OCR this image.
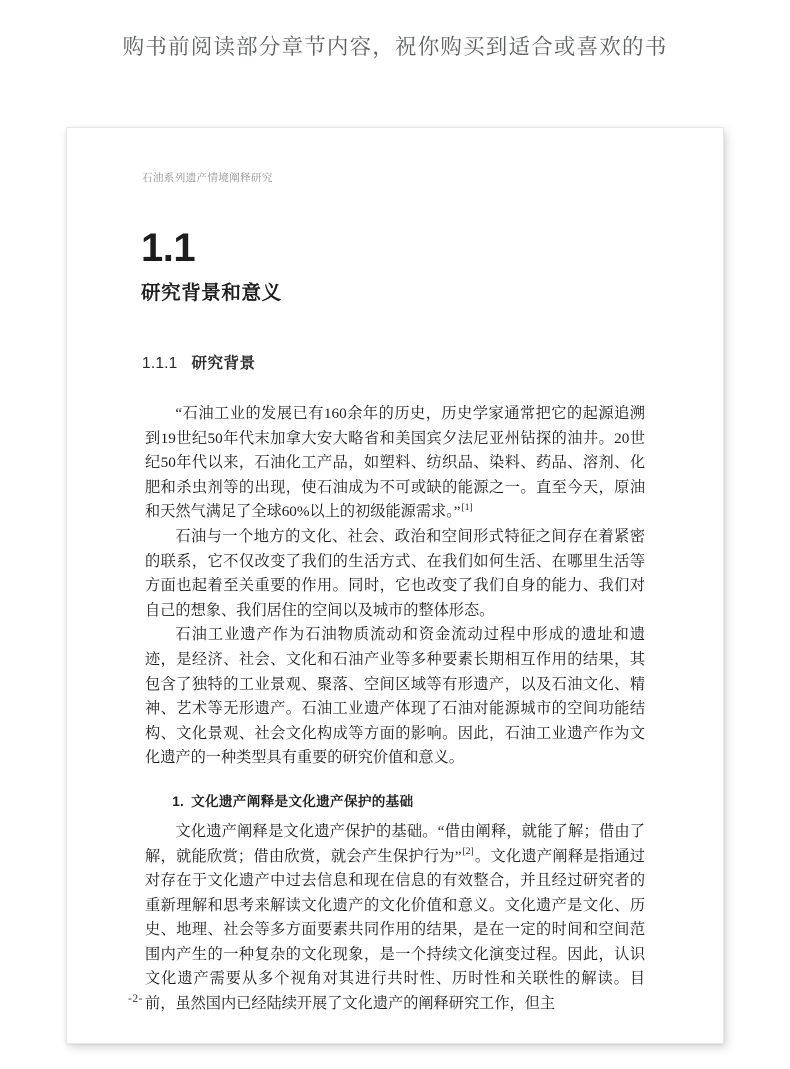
购书前阅读部分章节内容，祝你购买到适合或喜欢的书
石油系列遗产情境阐释研究
1.1
研究背景和意义
1.1.1 研究背景

“石油工业的发展已有160余年的历史，历史学家通常把它的起源追溯到19世纪50年代末加拿大安大略省和美国宾夕法尼亚州钻探的油井。20世纪50年代以来，石油化工产品，如塑料、纺织品、染料、药品、溶剂、化肥和杀虫剂等的出现，使石油成为不可或缺的能源之一。直至今天，原油和天然气满足了全球60%以上的初级能源需求。”[1]

石油与一个地方的文化、社会、政治和空间形式特征之间存在着紧密的联系，它不仅改变了我们的生活方式、在我们如何生活、在哪里生活等方面也起着至关重要的作用。同时，它也改变了我们自身的能力、我们对自己的想象、我们居住的空间以及城市的整体形态。

石油工业遗产作为石油物质流动和资金流动过程中形成的遗址和遗迹，是经济、社会、文化和石油产业等多种要素长期相互作用的结果，其包含了独特的工业景观、聚落、空间区域等有形遗产，以及石油文化、精神、艺术等无形遗产。石油工业遗产体现了石油对能源城市的空间功能结构、文化景观、社会文化构成等方面的影响。因此，石油工业遗产作为文化遗产的一种类型具有重要的研究价值和意义。

1. 文化遗产阐释是文化遗产保护的基础

文化遗产阐释是文化遗产保护的基础。“借由阐释，就能了解；借由了解，就能欣赏；借由欣赏，就会产生保护行为”[2]。文化遗产阐释是指通过对存在于文化遗产中过去信息和现在信息的有效整合，并且经过研究者的重新理解和思考来解读文化遗产的文化价值和意义。文化遗产是文化、历史、地理、社会等多方面要素共同作用的结果，是在一定的时间和空间范围内产生的一种复杂的文化现象，是一个持续文化演变过程。因此，认识文化遗产需要从多个视角对其进行共时性、历时性和关联性的解读。目前，虽然国内已经陆续开展了文化遗产的阐释研究工作，但主

-2-
